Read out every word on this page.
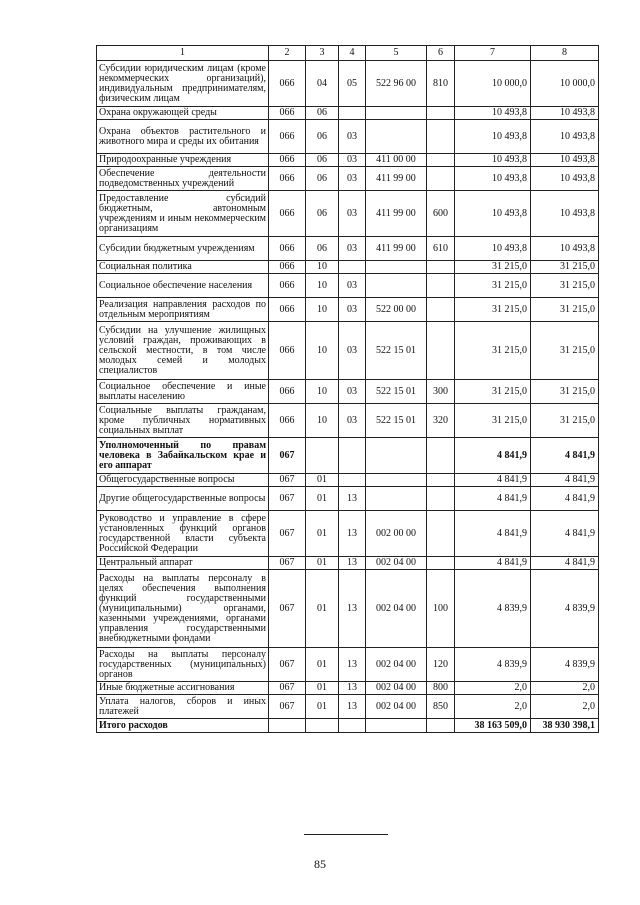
1	2	3	4	5	6	7	8
Субсидии юридическим лицам (кроме некоммерческих организаций), индивидуальным предпринимателям, физическим лицам	066	04	05	522 96 00	810	10 000,0	10 000,0
Охрана окружающей среды	066	06				10 493,8	10 493,8
Охрана объектов растительного и животного мира и среды их обитания	066	06	03			10 493,8	10 493,8
Природоохранные учреждения	066	06	03	411 00 00		10 493,8	10 493,8
Обеспечение деятельности подведомственных учреждений	066	06	03	411 99 00		10 493,8	10 493,8
Предоставление субсидий бюджетным, автономным учреждениям и иным некоммерческим организациям	066	06	03	411 99 00	600	10 493,8	10 493,8
Субсидии бюджетным учреждениям	066	06	03	411 99 00	610	10 493,8	10 493,8
Социальная политика	066	10				31 215,0	31 215,0
Социальное обеспечение населения	066	10	03			31 215,0	31 215,0
Реализация направления расходов по отдельным мероприятиям	066	10	03	522 00 00		31 215,0	31 215,0
Субсидии на улучшение жилищных условий граждан, проживающих в сельской местности, в том числе молодых семей и молодых специалистов	066	10	03	522 15 01		31 215,0	31 215,0
Социальное обеспечение и иные выплаты населению	066	10	03	522 15 01	300	31 215,0	31 215,0
Социальные выплаты гражданам, кроме публичных нормативных социальных выплат	066	10	03	522 15 01	320	31 215,0	31 215,0
Уполномоченный по правам человека в Забайкальском крае и его аппарат	067					4 841,9	4 841,9
Общегосударственные вопросы	067	01				4 841,9	4 841,9
Другие общегосударственные вопросы	067	01	13			4 841,9	4 841,9
Руководство и управление в сфере установленных функций органов государственной власти субъекта Российской Федерации	067	01	13	002 00 00		4 841,9	4 841,9
Центральный аппарат	067	01	13	002 04 00		4 841,9	4 841,9
Расходы на выплаты персоналу в целях обеспечения выполнения функций государственными (муниципальными) органами, казенными учреждениями, органами управления государственными внебюджетными фондами	067	01	13	002 04 00	100	4 839,9	4 839,9
Расходы на выплаты персоналу государственных (муниципальных) органов	067	01	13	002 04 00	120	4 839,9	4 839,9
Иные бюджетные ассигнования	067	01	13	002 04 00	800	2,0	2,0
Уплата налогов, сборов и иных платежей	067	01	13	002 04 00	850	2,0	2,0
Итого расходов						38 163 509,0	38 930 398,1
85
